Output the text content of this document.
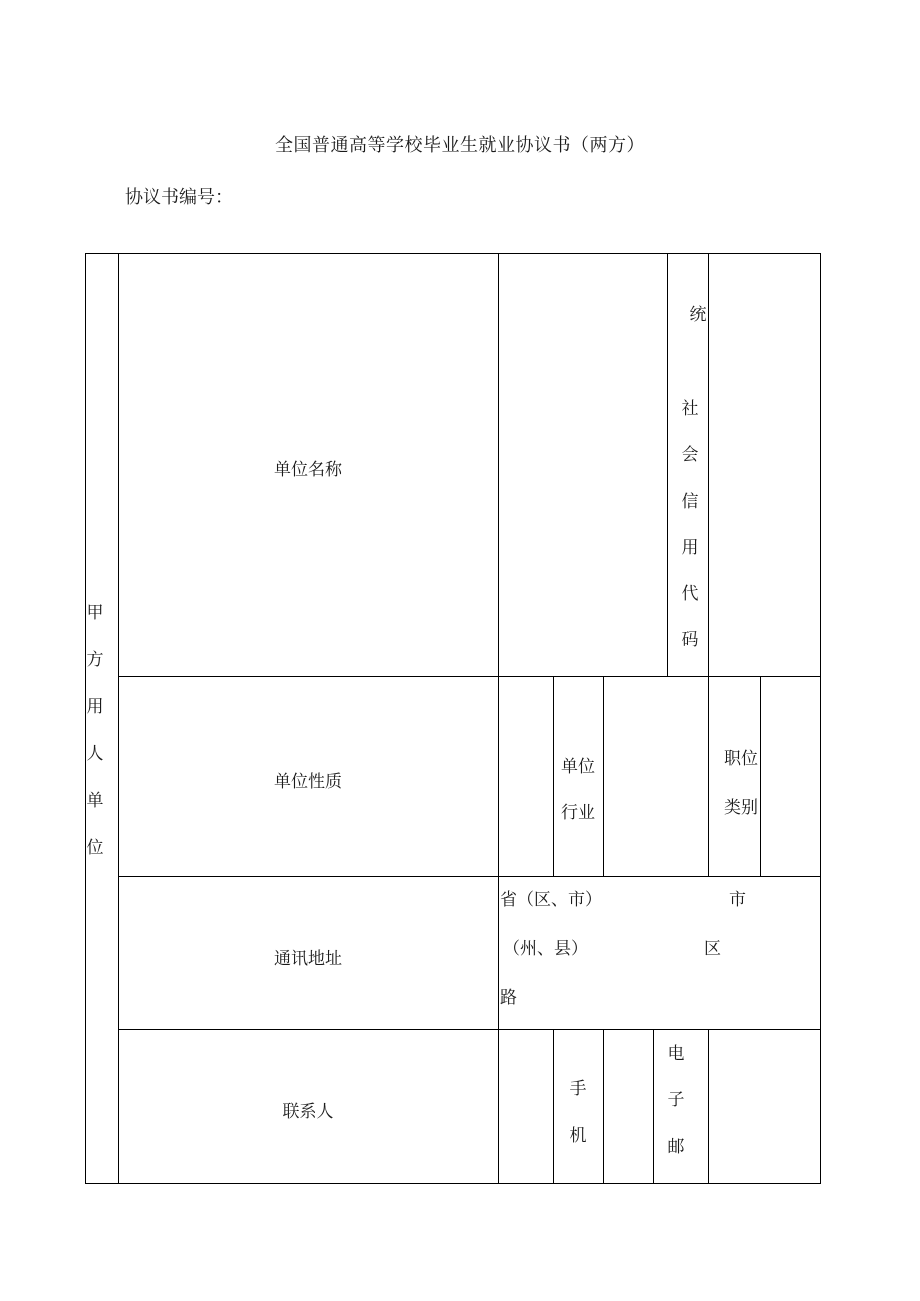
全国普通高等学校毕业生就业协议书（两方）
协议书编号：
甲
方
用
人
单
位
单位名称
统
社
会
信
用
代
码
单位性质
单位
行业
职位
类别
通讯地址
省（区、市）	市
（州、县）	区
路
联系人
手
机
电
子
邮
